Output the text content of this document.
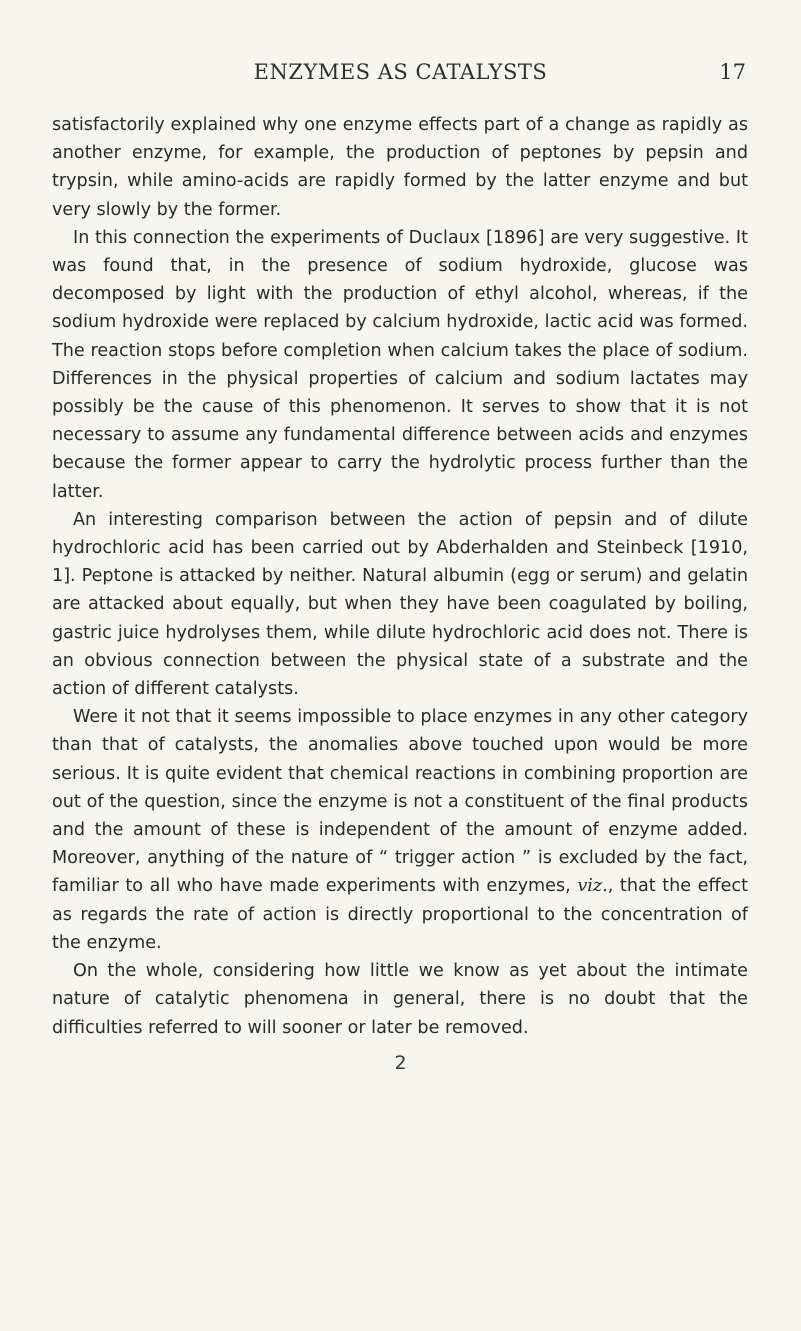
ENZYMES AS CATALYSTS	17

satisfactorily explained why one enzyme effects part of a change as rapidly as another enzyme, for example, the production of peptones by pepsin and trypsin, while amino-acids are rapidly formed by the latter enzyme and but very slowly by the former.

In this connection the experiments of Duclaux [1896] are very suggestive. It was found that, in the presence of sodium hydroxide, glucose was decomposed by light with the production of ethyl alcohol, whereas, if the sodium hydroxide were replaced by calcium hydroxide, lactic acid was formed. The reaction stops before completion when calcium takes the place of sodium. Differences in the physical properties of calcium and sodium lactates may possibly be the cause of this phenomenon. It serves to show that it is not necessary to assume any fundamental difference between acids and enzymes because the former appear to carry the hydrolytic process further than the latter.

An interesting comparison between the action of pepsin and of dilute hydrochloric acid has been carried out by Abderhalden and Steinbeck [1910, 1]. Peptone is attacked by neither. Natural albumin (egg or serum) and gelatin are attacked about equally, but when they have been coagulated by boiling, gastric juice hydrolyses them, while dilute hydrochloric acid does not. There is an obvious connection between the physical state of a substrate and the action of different catalysts.

Were it not that it seems impossible to place enzymes in any other category than that of catalysts, the anomalies above touched upon would be more serious. It is quite evident that chemical reactions in combining proportion are out of the question, since the enzyme is not a constituent of the final products and the amount of these is independent of the amount of enzyme added. Moreover, anything of the nature of “ trigger action ” is excluded by the fact, familiar to all who have made experiments with enzymes, viz., that the effect as regards the rate of action is directly proportional to the concentration of the enzyme.

On the whole, considering how little we know as yet about the intimate nature of catalytic phenomena in general, there is no doubt that the difficulties referred to will sooner or later be removed.

2
